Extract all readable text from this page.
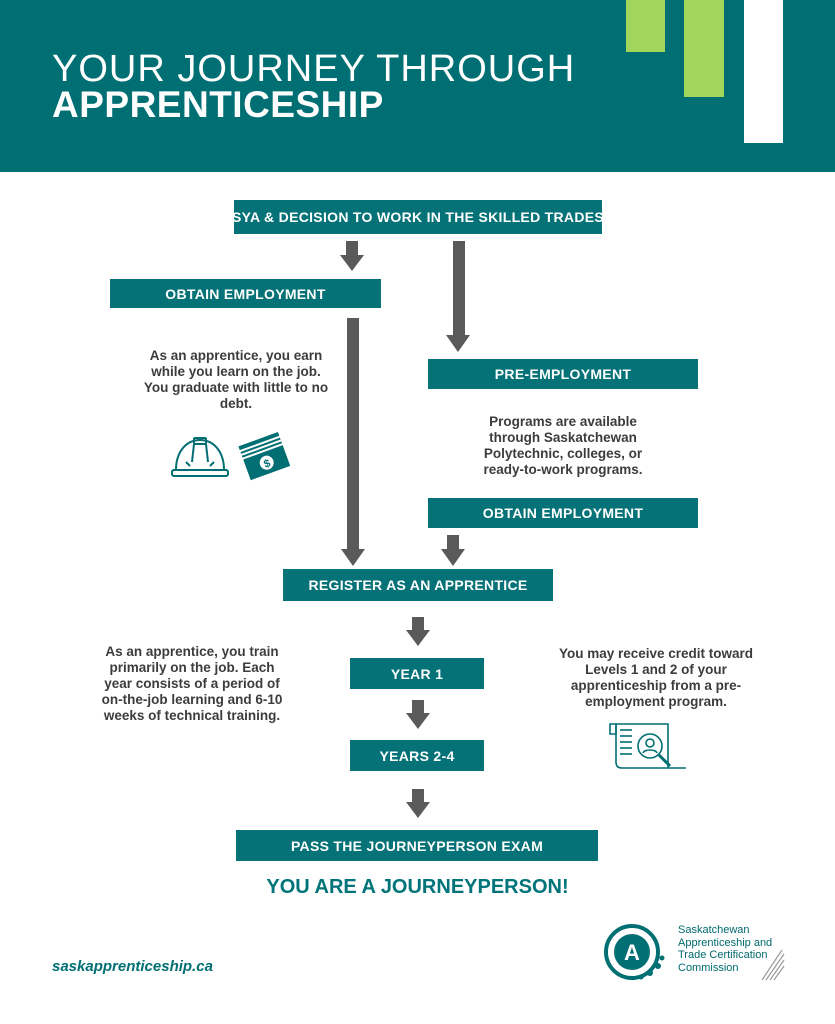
YOUR JOURNEY THROUGH
APPRENTICESHIP
SYA & DECISION TO WORK IN THE SKILLED TRADES
OBTAIN EMPLOYMENT
PRE-EMPLOYMENT
OBTAIN EMPLOYMENT
REGISTER AS AN APPRENTICE
YEAR 1
YEARS 2-4
PASS THE JOURNEYPERSON EXAM
As an apprentice, you earn while you learn on the job. You graduate with little to no debt.
Programs are available through Saskatchewan Polytechnic, colleges, or ready-to-work programs.
As an apprentice, you train primarily on the job. Each year consists of a period of on-the-job learning and 6-10 weeks of technical training.
You may receive credit toward Levels 1 and 2 of your apprenticeship from a pre-employment program.
$
YOU ARE A JOURNEYPERSON!
saskapprenticeship.ca
A
Saskatchewan
Apprenticeship and
Trade Certification
Commission
